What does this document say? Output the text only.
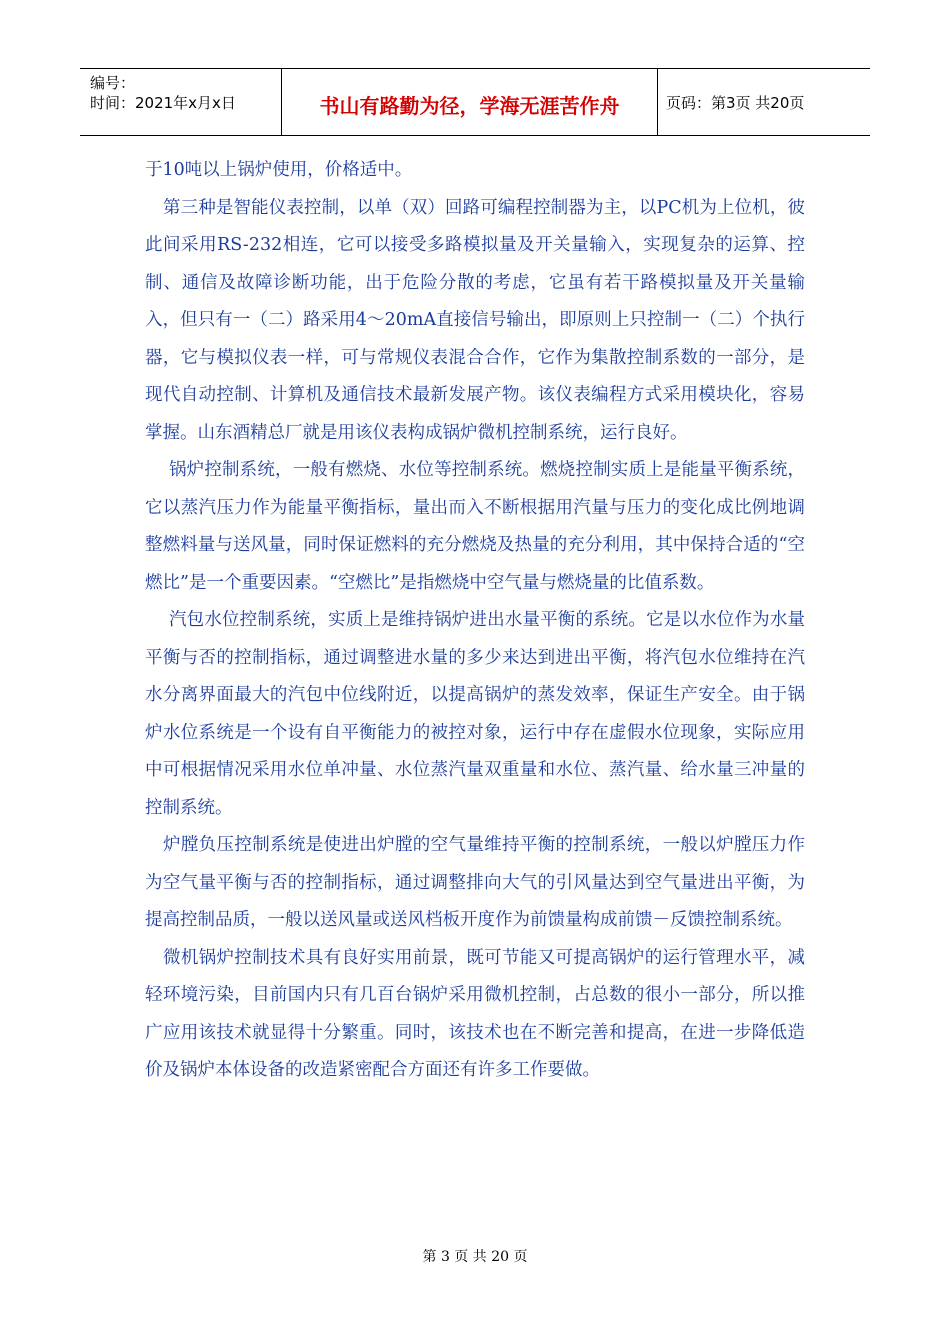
编号：
时间：2021年x月x日	书山有路勤为径，学海无涯苦作舟	页码：第3页 共20页

于10吨以上锅炉使用，价格适中。

第三种是智能仪表控制，以单（双）回路可编程控制器为主，以PC机为上位机，彼此间采用RS-232相连，它可以接受多路模拟量及开关量输入，实现复杂的运算、控制、通信及故障诊断功能，出于危险分散的考虑，它虽有若干路模拟量及开关量输入，但只有一（二）路采用4～20mA直接信号输出，即原则上只控制一（二）个执行器，它与模拟仪表一样，可与常规仪表混合合作，它作为集散控制系数的一部分，是现代自动控制、计算机及通信技术最新发展产物。该仪表编程方式采用模块化，容易掌握。山东酒精总厂就是用该仪表构成锅炉微机控制系统，运行良好。

锅炉控制系统，一般有燃烧、水位等控制系统。燃烧控制实质上是能量平衡系统，它以蒸汽压力作为能量平衡指标，量出而入不断根据用汽量与压力的变化成比例地调整燃料量与送风量，同时保证燃料的充分燃烧及热量的充分利用，其中保持合适的“空燃比”是一个重要因素。“空燃比”是指燃烧中空气量与燃烧量的比值系数。

汽包水位控制系统，实质上是维持锅炉进出水量平衡的系统。它是以水位作为水量平衡与否的控制指标，通过调整进水量的多少来达到进出平衡，将汽包水位维持在汽水分离界面最大的汽包中位线附近，以提高锅炉的蒸发效率，保证生产安全。由于锅炉水位系统是一个设有自平衡能力的被控对象，运行中存在虚假水位现象，实际应用中可根据情况采用水位单冲量、水位蒸汽量双重量和水位、蒸汽量、给水量三冲量的控制系统。

炉膛负压控制系统是使进出炉膛的空气量维持平衡的控制系统，一般以炉膛压力作为空气量平衡与否的控制指标，通过调整排向大气的引风量达到空气量进出平衡，为提高控制品质，一般以送风量或送风档板开度作为前馈量构成前馈－反馈控制系统。

微机锅炉控制技术具有良好实用前景，既可节能又可提高锅炉的运行管理水平，减轻环境污染，目前国内只有几百台锅炉采用微机控制，占总数的很小一部分，所以推广应用该技术就显得十分繁重。同时，该技术也在不断完善和提高，在进一步降低造价及锅炉本体设备的改造紧密配合方面还有许多工作要做。

第 3 页 共 20 页
